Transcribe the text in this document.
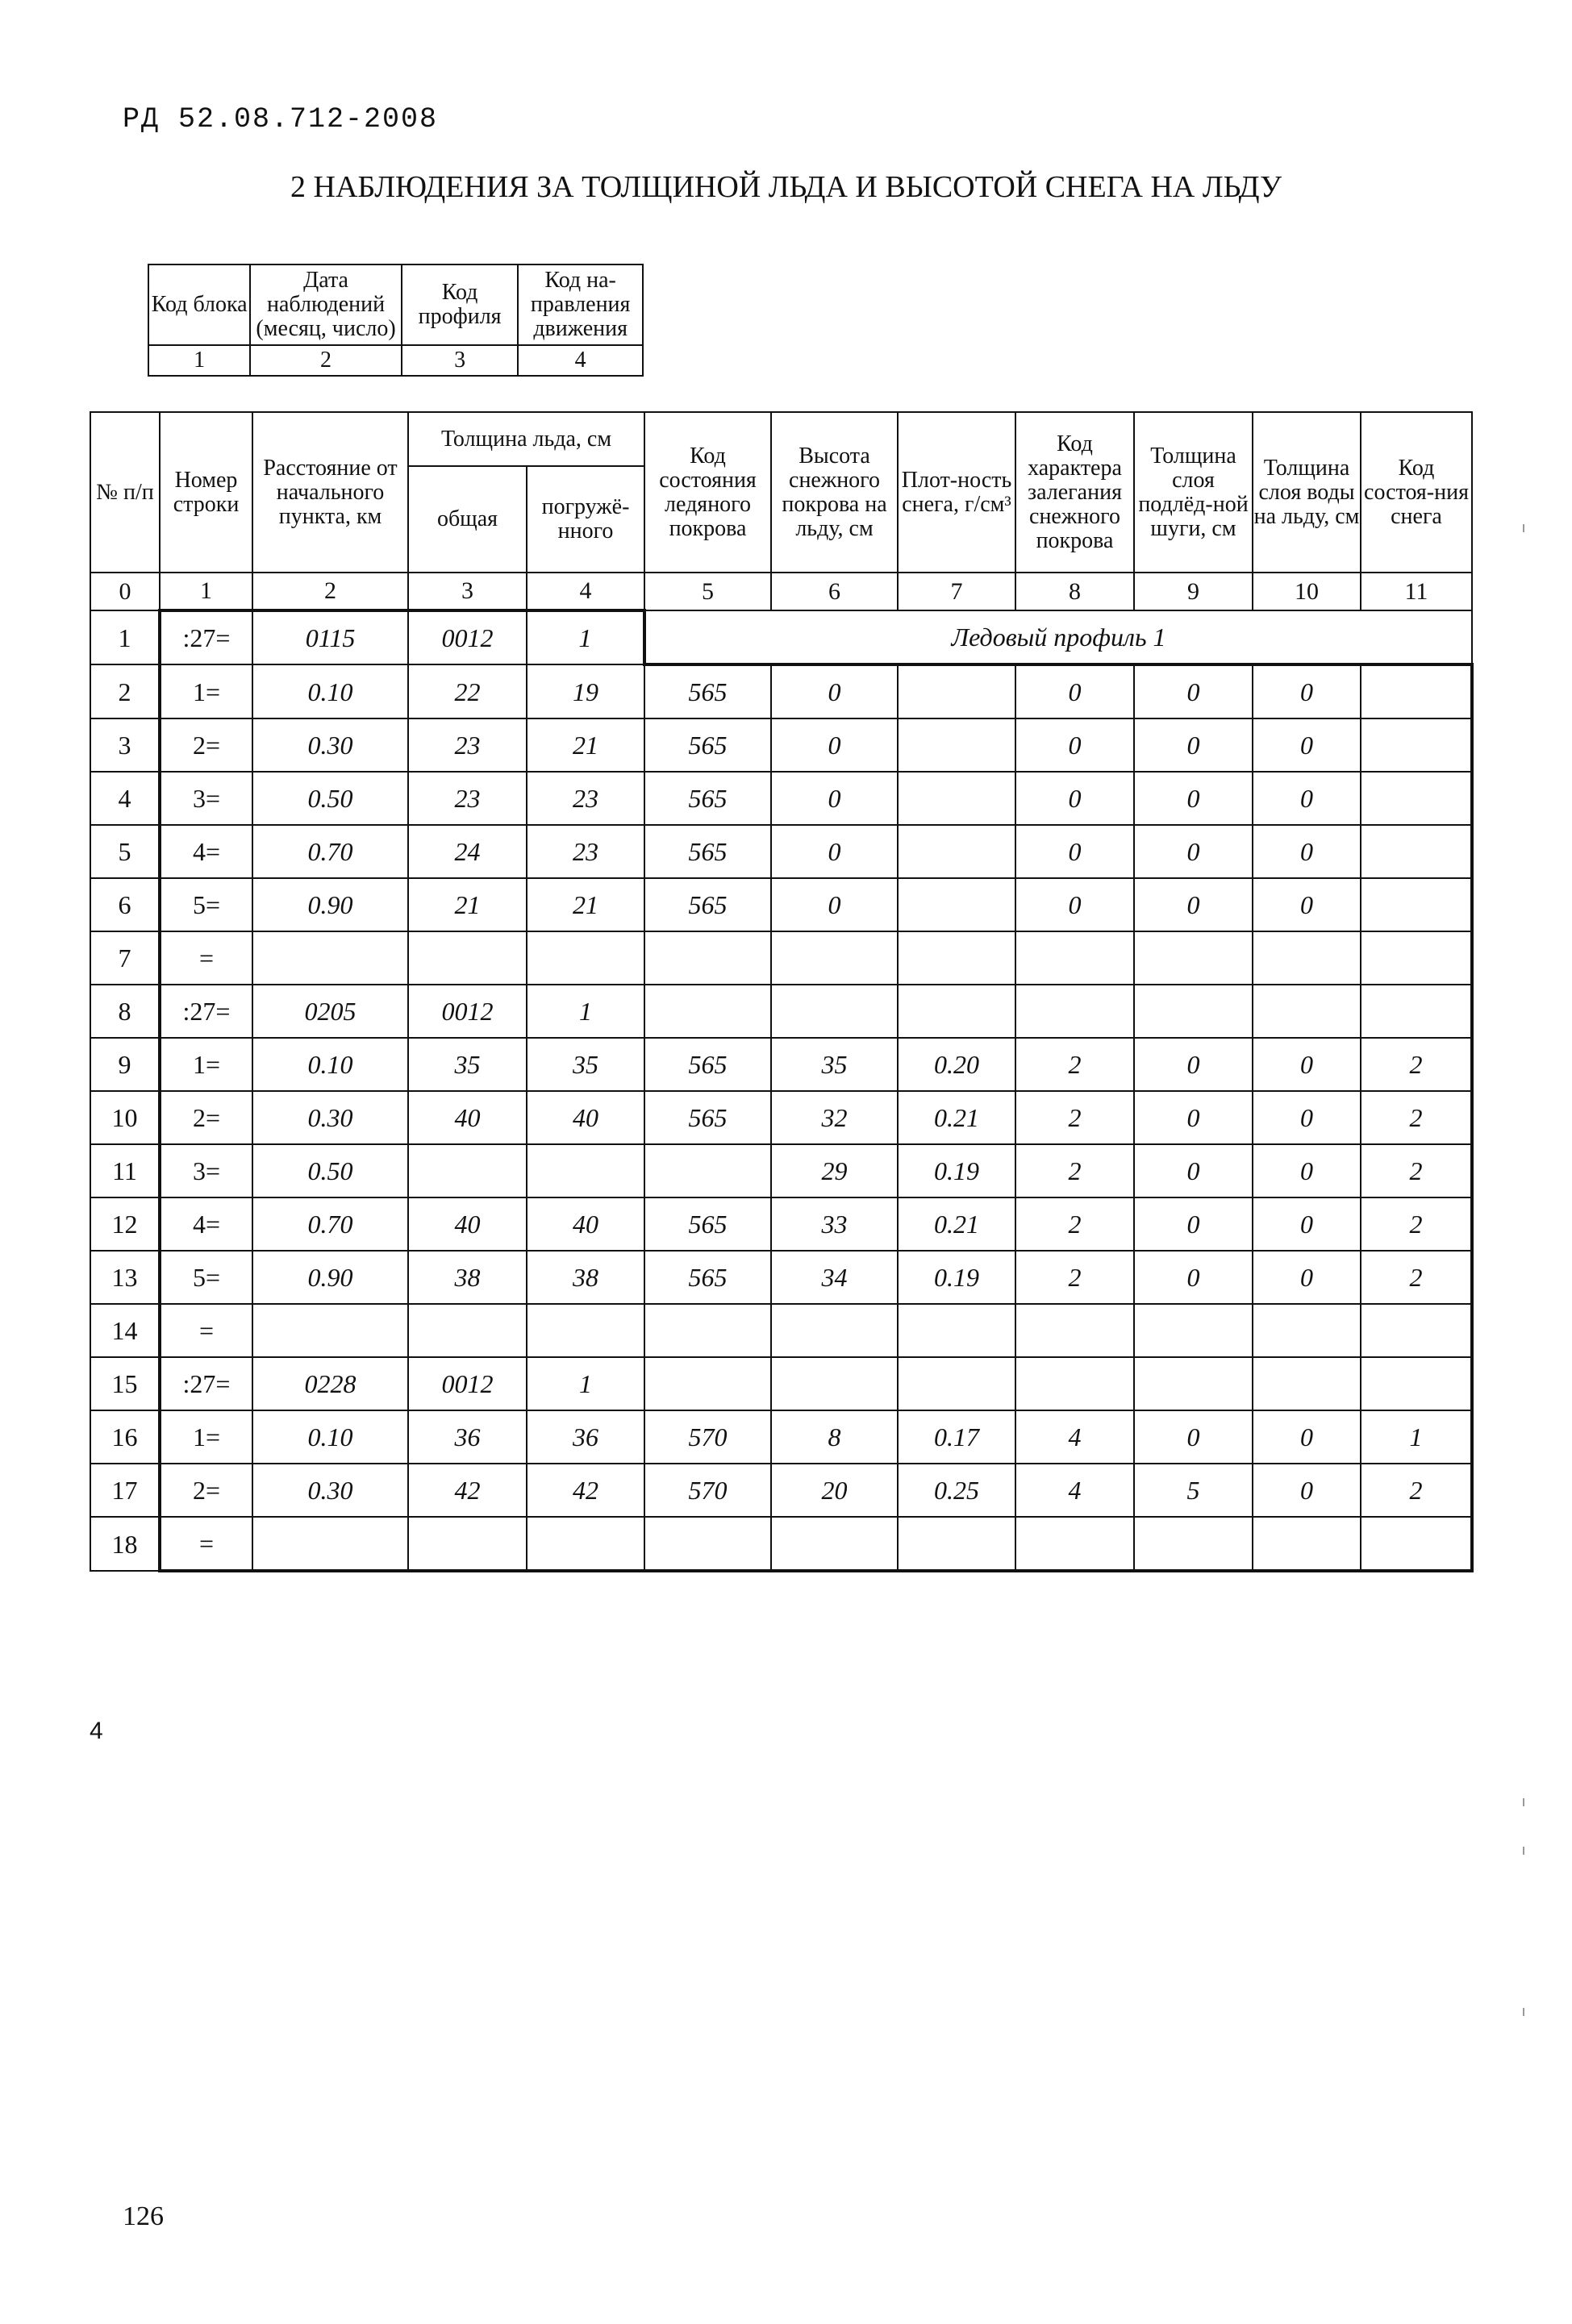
РД 52.08.712-2008
2 НАБЛЮДЕНИЯ ЗА ТОЛЩИНОЙ ЛЬДА И ВЫСОТОЙ СНЕГА НА ЛЬДУ
Код блока	Дата наблюдений (месяц, число)	Код профиля	Код на-правления движения
1	2	3	4
№ п/п	Номер строки	Расстояние от начального пункта, км	Толщина льда, см		Код состояния ледяного покрова	Высота снежного покрова на льду, см	Плот-ность снега, г/см³	Код характера залегания снежного покрова	Толщина слоя подлёд-ной шуги, см	Толщина слоя воды на льду, см	Код состоя-ния снега
			общая	погружё-нного							
0	1	2	3	4	5	6	7	8	9	10	11
1	:27=	0115	0012	1	Ледовый профиль 1						
2	1=	0.10	22	19	565	0		0	0	0	
3	2=	0.30	23	21	565	0		0	0	0	
4	3=	0.50	23	23	565	0		0	0	0	
5	4=	0.70	24	23	565	0		0	0	0	
6	5=	0.90	21	21	565	0		0	0	0	
7	=										
8	:27=	0205	0012	1							
9	1=	0.10	35	35	565	35	0.20	2	0	0	2
10	2=	0.30	40	40	565	32	0.21	2	0	0	2
11	3=	0.50				29	0.19	2	0	0	2
12	4=	0.70	40	40	565	33	0.21	2	0	0	2
13	5=	0.90	38	38	565	34	0.19	2	0	0	2
14	=										
15	:27=	0228	0012	1							
16	1=	0.10	36	36	570	8	0.17	4	0	0	1
17	2=	0.30	42	42	570	20	0.25	4	5	0	2
18	=										
4
126
